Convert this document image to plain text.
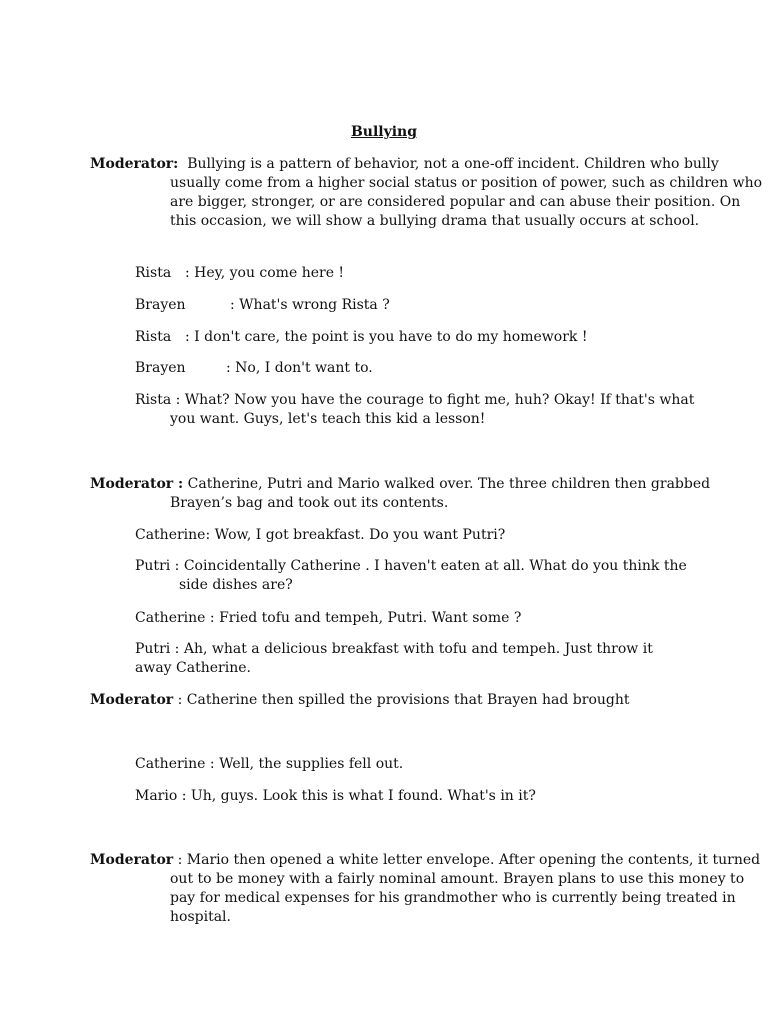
Bullying

Moderator: Bullying is a pattern of behavior, not a one-off incident. Children who bully usually come from a higher social status or position of power, such as children who are bigger, stronger, or are considered popular and can abuse their position. On this occasion, we will show a bullying drama that usually occurs at school.

Rista : Hey, you come here !

Brayen	: What's wrong Rista ?

Rista : I don't care, the point is you have to do my homework !

Brayen	: No, I don't want to.

Rista : What? Now you have the courage to fight me, huh? Okay! If that's what you want. Guys, let's teach this kid a lesson!

Moderator : Catherine, Putri and Mario walked over. The three children then grabbed Brayen’s bag and took out its contents.

Catherine: Wow, I got breakfast. Do you want Putri?

Putri : Coincidentally Catherine . I haven't eaten at all. What do you think the side dishes are?

Catherine : Fried tofu and tempeh, Putri. Want some ?

Putri : Ah, what a delicious breakfast with tofu and tempeh. Just throw it away Catherine.

Moderator : Catherine then spilled the provisions that Brayen had brought

Catherine : Well, the supplies fell out.

Mario : Uh, guys. Look this is what I found. What's in it?

Moderator : Mario then opened a white letter envelope. After opening the contents, it turned out to be money with a fairly nominal amount. Brayen plans to use this money to pay for medical expenses for his grandmother who is currently being treated in hospital.
